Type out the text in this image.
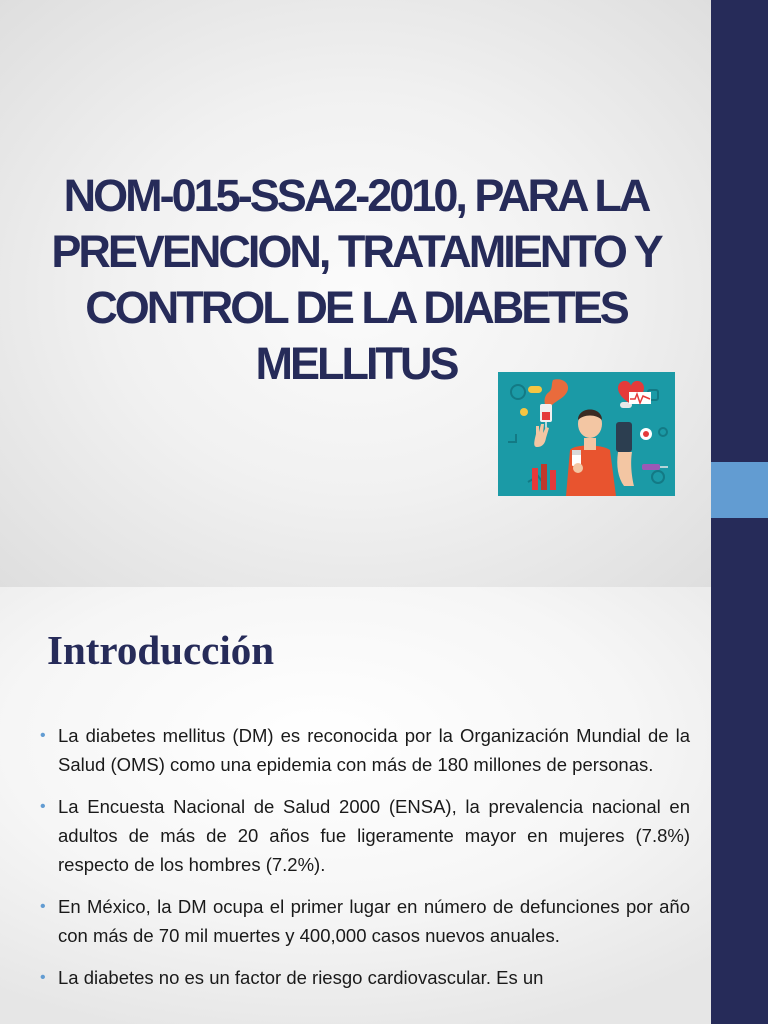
NOM-015-SSA2-2010, PARA LA
PREVENCION, TRATAMIENTO Y
CONTROL DE LA DIABETES
MELLITUS
Introducción
• La diabetes mellitus (DM) es reconocida por la Organización Mundial de la Salud (OMS) como una epidemia con más de 180 millones de personas.
• La Encuesta Nacional de Salud 2000 (ENSA), la prevalencia nacional en adultos de más de 20 años fue ligeramente mayor en mujeres (7.8%) respecto de los hombres (7.2%).
• En México, la DM ocupa el primer lugar en número de defunciones por año con más de 70 mil muertes y 400,000 casos nuevos anuales.
• La diabetes no es un factor de riesgo cardiovascular. Es un
